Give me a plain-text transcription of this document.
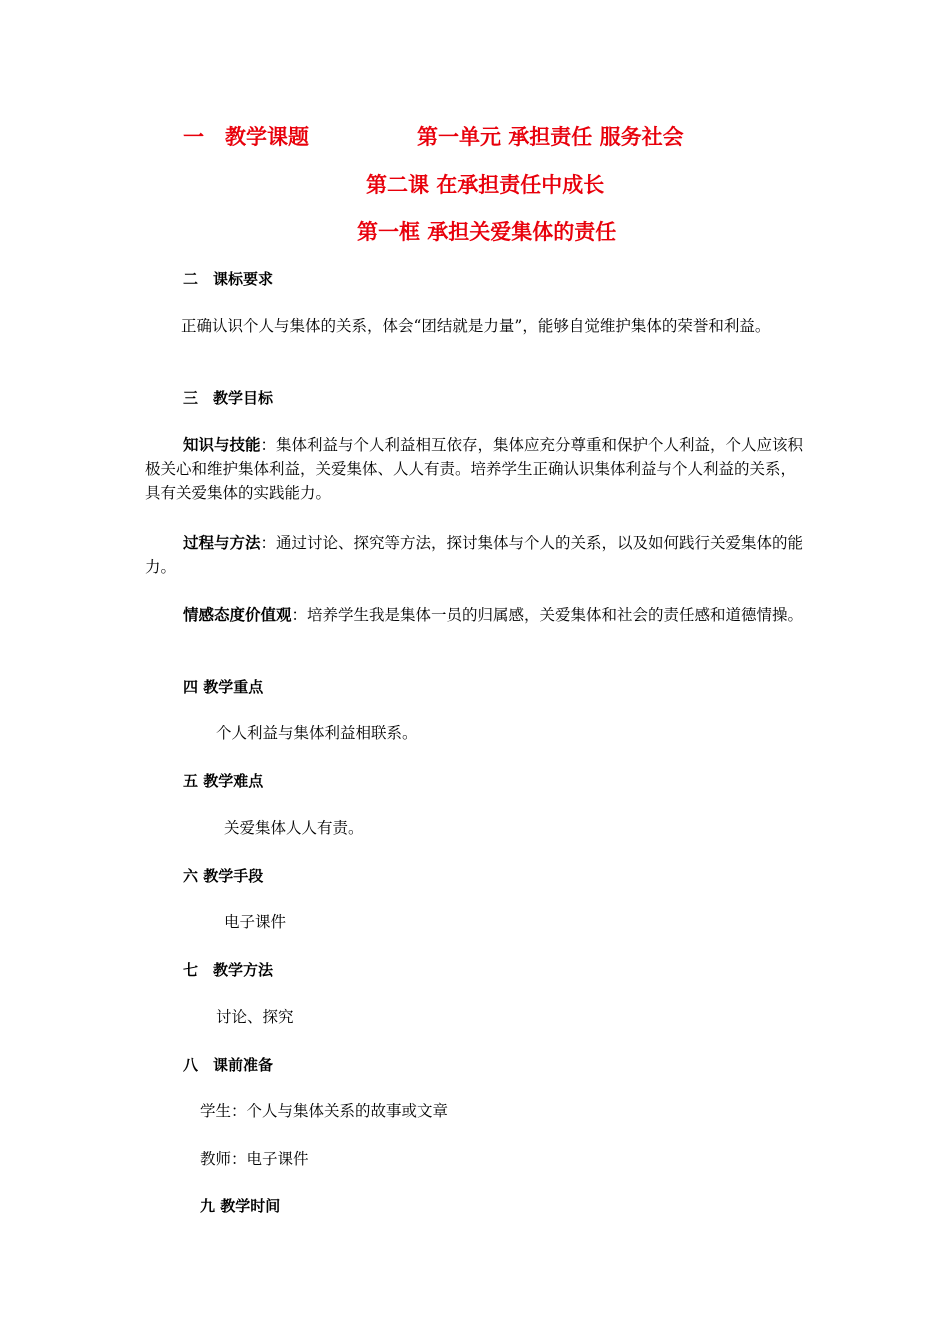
一　教学课题	第一单元 承担责任 服务社会
第二课 在承担责任中成长
第一框 承担关爱集体的责任
二　课标要求
正确认识个人与集体的关系，体会“团结就是力量”，能够自觉维护集体的荣誉和利益。
三　教学目标
知识与技能：集体利益与个人利益相互依存，集体应充分尊重和保护个人利益，个人应该积极关心和维护集体利益，关爱集体、人人有责。培养学生正确认识集体利益与个人利益的关系，具有关爱集体的实践能力。
过程与方法：通过讨论、探究等方法，探讨集体与个人的关系，以及如何践行关爱集体的能力。
情感态度价值观：培养学生我是集体一员的归属感，关爱集体和社会的责任感和道德情操。
四 教学重点
个人利益与集体利益相联系。
五 教学难点
关爱集体人人有责。
六 教学手段
电子课件
七　教学方法
讨论、探究
八　课前准备
学生：个人与集体关系的故事或文章
教师：电子课件
九 教学时间
